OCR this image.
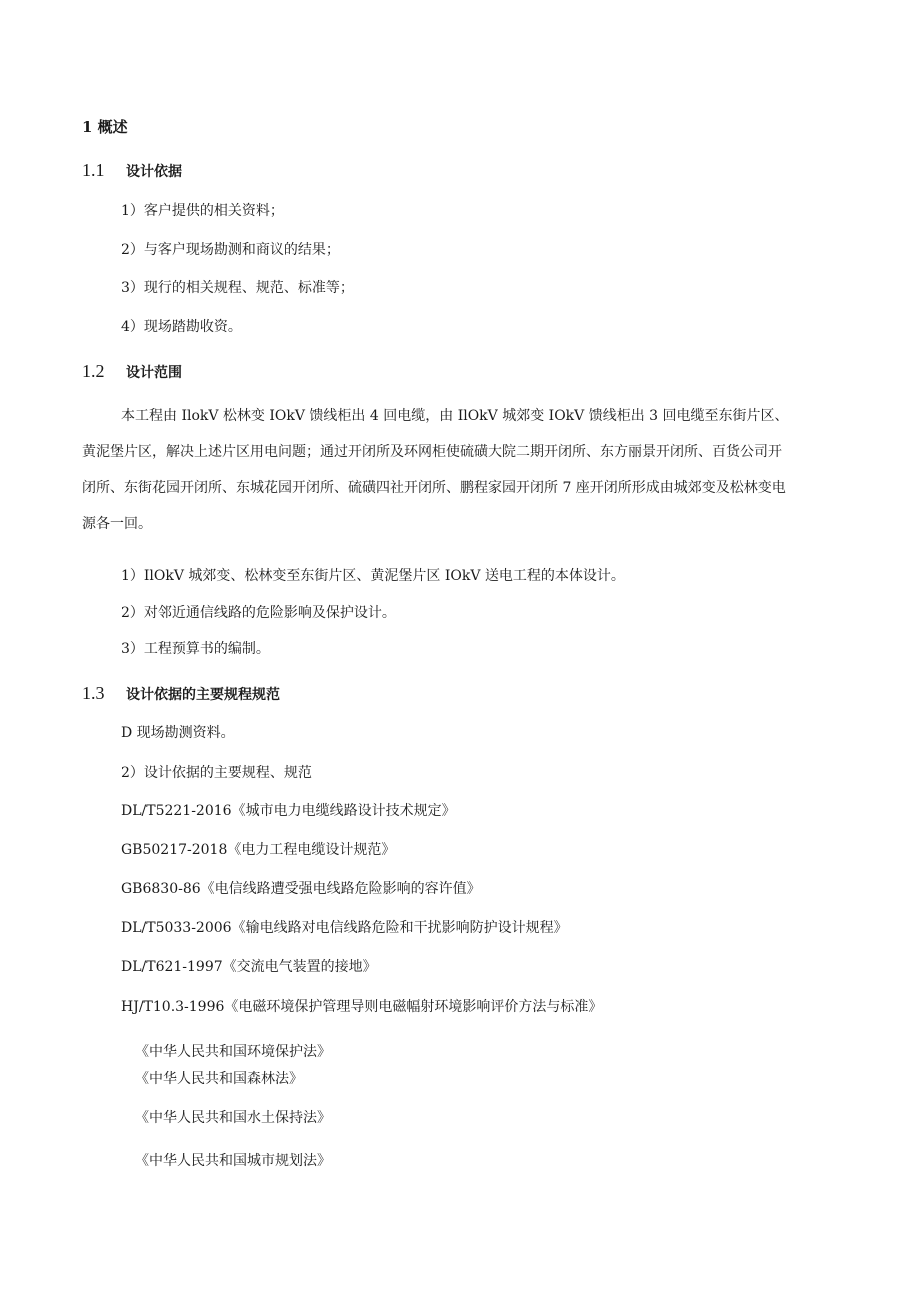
1 概述
1.1	设计依据
1）客户提供的相关资料；
2）与客户现场勘测和商议的结果；
3）现行的相关规程、规范、标准等；
4）现场踏勘收资。
1.2	设计范围
本工程由 IlokV 松林变 IOkV 馈线柜出 4 回电缆，由 IlOkV 城郊变 IOkV 馈线柜出 3 回电缆至东街片区、
黄泥堡片区，解决上述片区用电问题；通过开闭所及环网柜使硫磺大院二期开闭所、东方丽景开闭所、百货公司开
闭所、东街花园开闭所、东城花园开闭所、硫磺四社开闭所、鹏程家园开闭所 7 座开闭所形成由城郊变及松林变电
源各一回。
1）IlOkV 城郊变、松林变至东街片区、黄泥堡片区 IOkV 送电工程的本体设计。
2）对邻近通信线路的危险影响及保护设计。
3）工程预算书的编制。
1.3	设计依据的主要规程规范
D 现场勘测资料。
2）设计依据的主要规程、规范
DL/T5221-2016《城市电力电缆线路设计技术规定》
GB50217-2018《电力工程电缆设计规范》
GB6830-86《电信线路遭受强电线路危险影响的容许值》
DL/T5033-2006《输电线路对电信线路危险和干扰影响防护设计规程》
DL/T621-1997《交流电气装置的接地》
HJ/T10.3-1996《电磁环境保护管理导则电磁幅射环境影响评价方法与标准》
《中华人民共和国环境保护法》
《中华人民共和国森林法》
《中华人民共和国水土保持法》
《中华人民共和国城市规划法》
